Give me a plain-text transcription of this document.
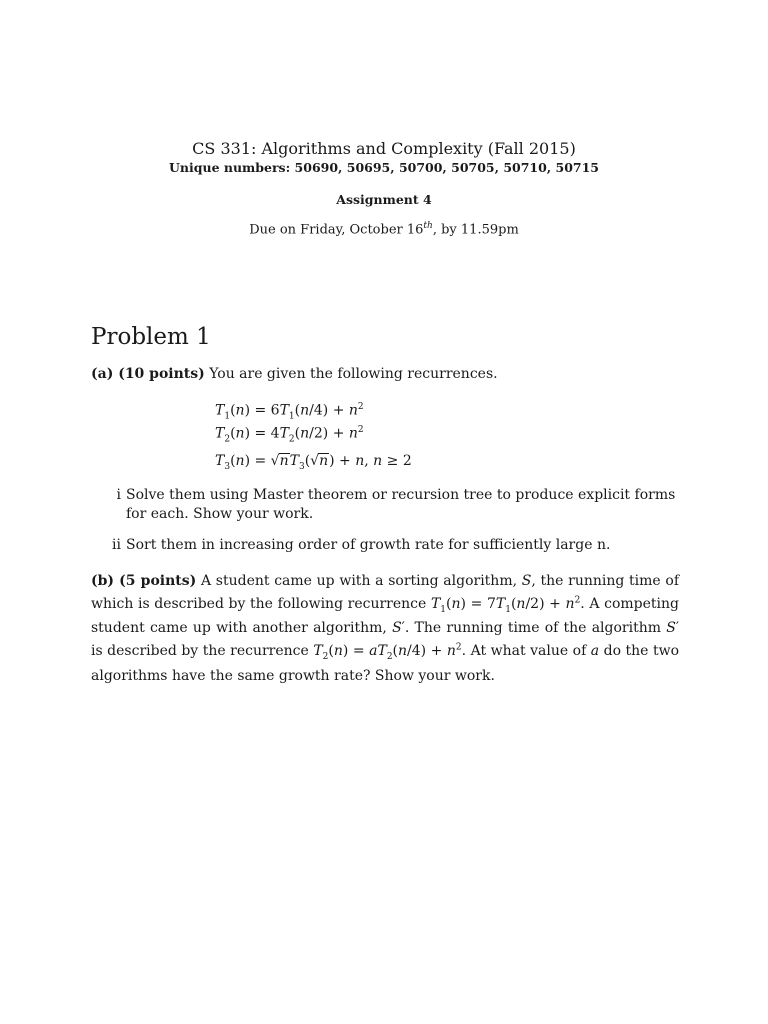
CS 331: Algorithms and Complexity (Fall 2015)
Unique numbers: 50690, 50695, 50700, 50705, 50710, 50715
Assignment 4
Due on Friday, October 16th, by 11.59pm
Problem 1
(a) (10 points) You are given the following recurrences.
$T_1(n) = 6T_1(n/4) + n^2$
$T_2(n) = 4T_2(n/2) + n^2$
$T_3(n) = √nT_3(√n) + n$, n ≥ 2
i Solve them using Master theorem or recursion tree to produce explicit forms for each. Show your work.
ii Sort them in increasing order of growth rate for sufficiently large n.
(b) (5 points) A student came up with a sorting algorithm, S, the running time of which is described by the following recurrence $T_1(n) = 7T_1(n/2) + n^2$. A competing student came up with another algorithm, S′. The running time of the algorithm S′ is described by the recurrence $T_2(n) = aT_2(n/4) + n^2$. At what value of a do the two algorithms have the same growth rate? Show your work.
